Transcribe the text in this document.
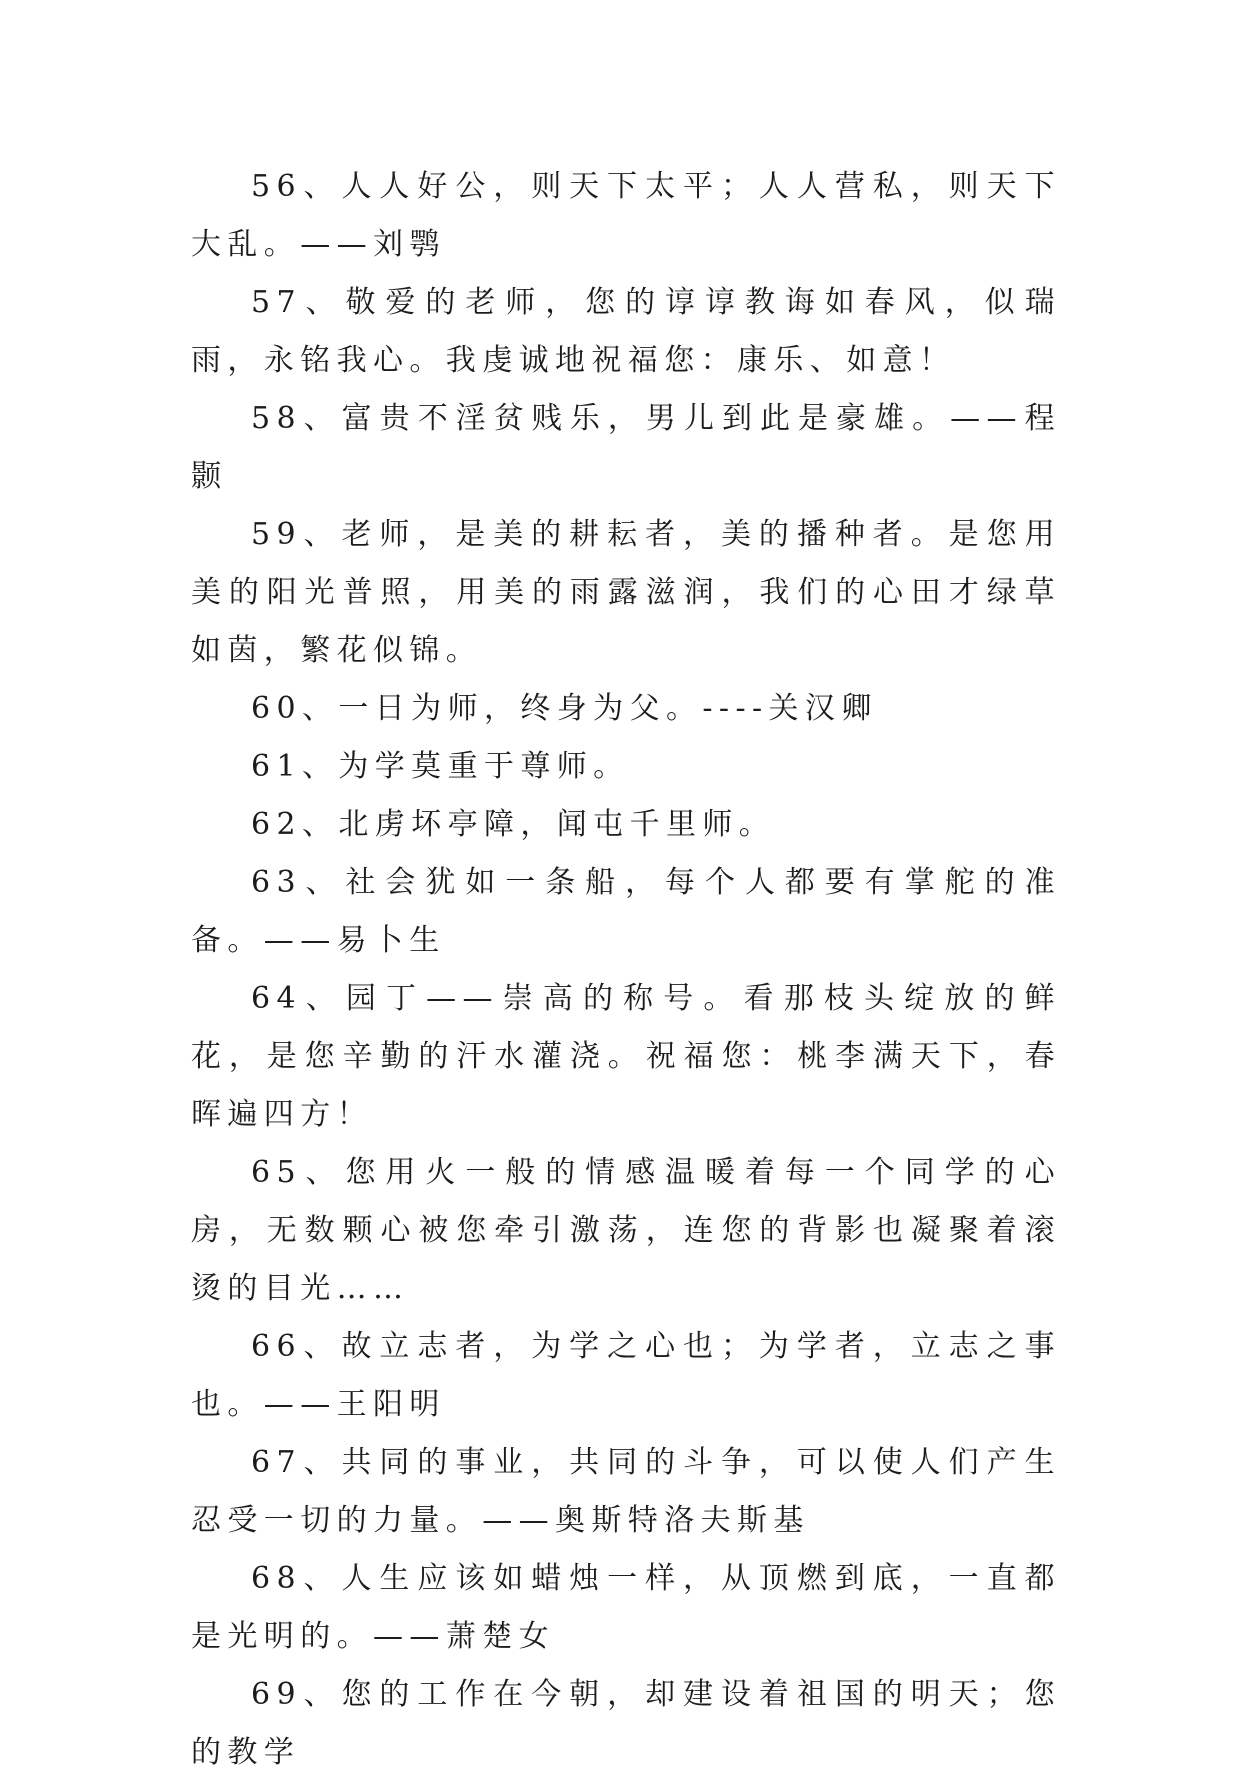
56、人人好公，则天下太平；人人营私，则天下大乱。——刘鹗

57、敬爱的老师，您的谆谆教诲如春风，似瑞雨，永铭我心。我虔诚地祝福您：康乐、如意！

58、富贵不淫贫贱乐，男儿到此是豪雄。——程颢

59、老师，是美的耕耘者，美的播种者。是您用美的阳光普照，用美的雨露滋润，我们的心田才绿草如茵，繁花似锦。

60、一日为师，终身为父。----关汉卿

61、为学莫重于尊师。

62、北虏坏亭障，闻屯千里师。

63、社会犹如一条船，每个人都要有掌舵的准备。——易卜生

64、园丁——崇高的称号。看那枝头绽放的鲜花，是您辛勤的汗水灌浇。祝福您：桃李满天下，春晖遍四方！

65、您用火一般的情感温暖着每一个同学的心房，无数颗心被您牵引激荡，连您的背影也凝聚着滚烫的目光……

66、故立志者，为学之心也；为学者，立志之事也。——王阳明

67、共同的事业，共同的斗争，可以使人们产生忍受一切的力量。——奥斯特洛夫斯基

68、人生应该如蜡烛一样，从顶燃到底，一直都是光明的。——萧楚女

69、您的工作在今朝，却建设着祖国的明天；您的教学
